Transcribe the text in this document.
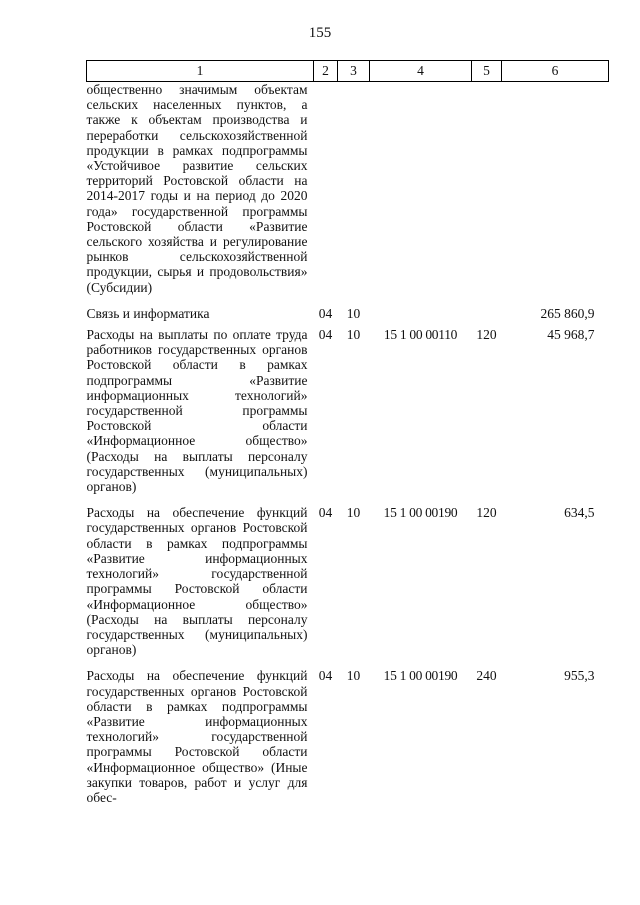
155
1	2	3	4	5	6
общественно значимым объектам сельских населенных пунктов, а также к объектам производства и переработки сельскохозяйственной продукции в рамках подпрограммы «Устойчивое развитие сельских территорий Ростовской области на 2014-2017 годы и на период до 2020 года» государственной программы Ростовской области «Развитие сельского хозяйства и регулирование рынков сельскохозяйственной продукции, сырья и продовольствия» (Субсидии)					
Связь и информатика	04	10			265 860,9
Расходы на выплаты по оплате труда работников государственных органов Ростовской области в рамках подпрограммы «Развитие информационных технологий» государственной программы Ростовской области «Информационное общество» (Расходы на выплаты персоналу государственных (муниципальных) органов)	04	10	15 1 00 00110	120	45 968,7
Расходы на обеспечение функций государственных органов Ростовской области в рамках подпрограммы «Развитие информационных технологий» государственной программы Ростовской области «Информационное общество» (Расходы на выплаты персоналу государственных (муниципальных) органов)	04	10	15 1 00 00190	120	634,5
Расходы на обеспечение функций государственных органов Ростовской области в рамках подпрограммы «Развитие информационных технологий» государственной программы Ростовской области «Информационное общество» (Иные закупки товаров, работ и услуг для обес-	04	10	15 1 00 00190	240	955,3
